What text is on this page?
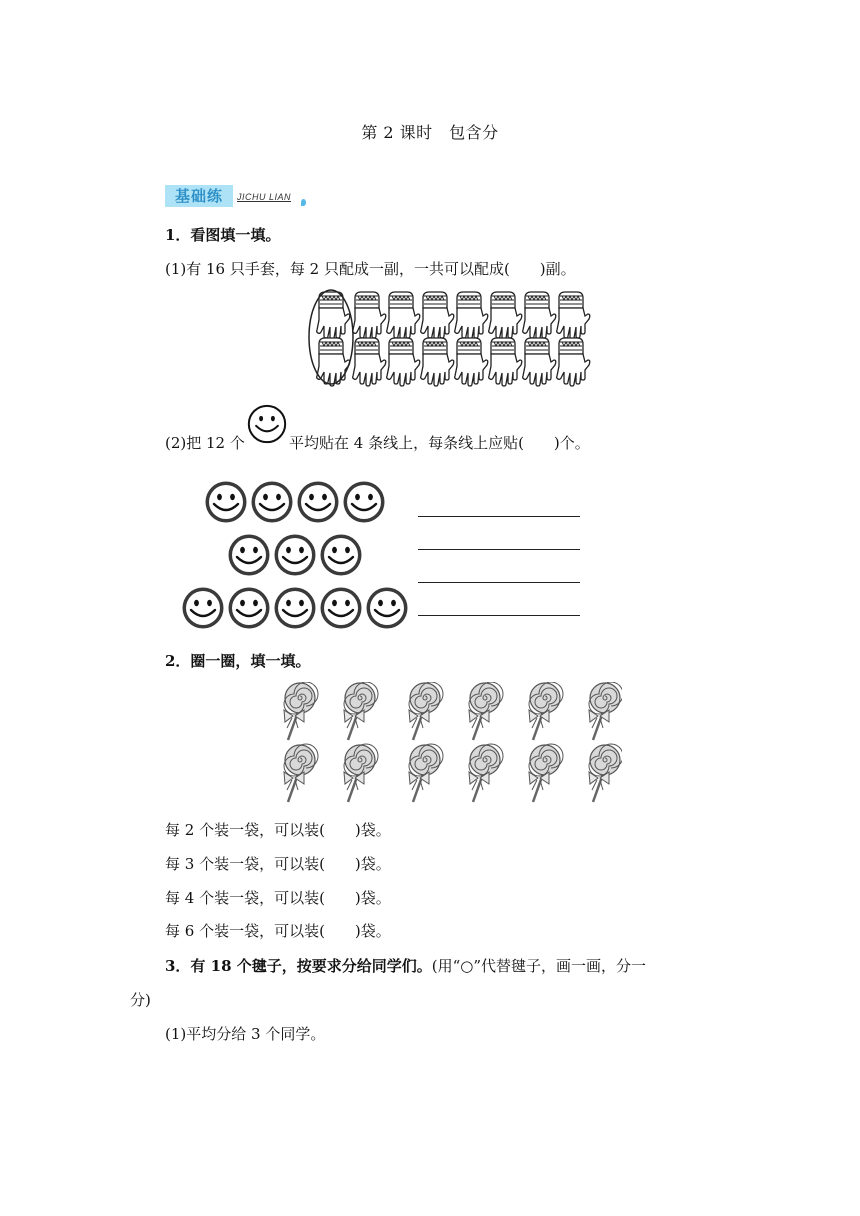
第 2 课时　包含分
基础练	JICHU LIAN
1．看图填一填。
(1)有 16 只手套，每 2 只配成一副，一共可以配成(　　)副。
(2)把 12 个	平均贴在 4 条线上，每条线上应贴(　　)个。
2．圈一圈，填一填。
每 2 个装一袋，可以装(　　)袋。
每 3 个装一袋，可以装(　　)袋。
每 4 个装一袋，可以装(　　)袋。
每 6 个装一袋，可以装(　　)袋。
3．有 18 个毽子，按要求分给同学们。(用“○”代替毽子，画一画，分一
分)
(1)平均分给 3 个同学。
